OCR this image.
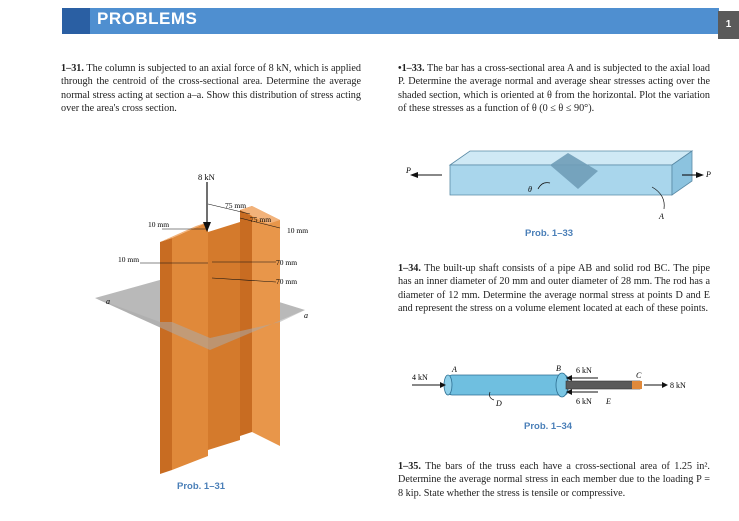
PROBLEMS	1

1–31. The column is subjected to an axial force of 8 kN, which is applied through the centroid of the cross-sectional area. Determine the average normal stress acting at section a–a. Show this distribution of stress acting over the area's cross section.

•1–33. The bar has a cross-sectional area A and is subjected to the axial load P. Determine the average normal and average shear stresses acting over the shaded section, which is oriented at θ from the horizontal. Plot the variation of these stresses as a function of θ (0 ≤ θ ≤ 90°).

8 kN
75 mm
75 mm
10 mm
10 mm
10 mm	70 mm
70 mm
a
a
Prob. 1–31
θ
P	P
A
Prob. 1–33

1–34. The built-up shaft consists of a pipe AB and solid rod BC. The pipe has an inner diameter of 20 mm and outer diameter of 28 mm. The rod has a diameter of 12 mm. Determine the average normal stress at points D and E and represent the stress on a volume element located at each of these points.

4 kN
A	B 6 kN
6 kN E
C
8 kN
D
Prob. 1–34

1–35. The bars of the truss each have a cross-sectional area of 1.25 in². Determine the average normal stress in each member due to the loading P = 8 kip. State whether the stress is tensile or compressive.
